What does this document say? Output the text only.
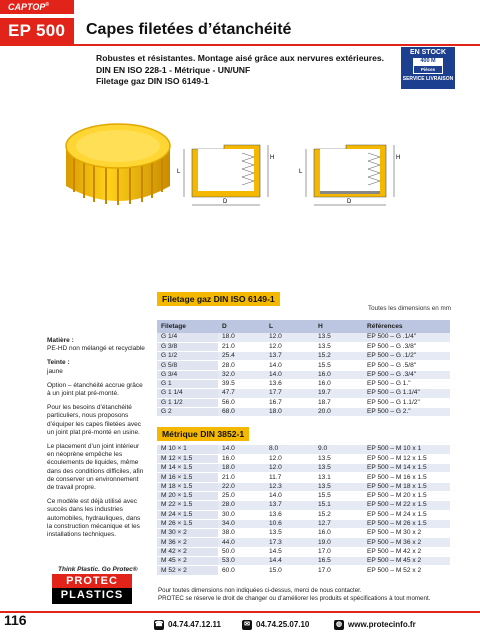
CAPTOP®
EP 500	Capes filetées d’étanchéité
Robustes et résistantes. Montage aisé grâce aux nervures extérieures.
DIN EN ISO 228-1 - Métrique - UN/UNF
Filetage gaz DIN ISO 6149-1
EN STOCK
400 M
Pièces
SERVICE LIVRAISON
L
H
D
L
H
D
Filetage gaz DIN ISO 6149-1
Toutes les dimensions en mm
Filetage	D	L	H	Références
G 1/4	18.0	12.0	13.5	EP 500 – G .1/4"
G 3/8	21.0	12.0	13.5	EP 500 – G .3/8"
G 1/2	25.4	13.7	15.2	EP 500 – G .1/2"
G 5/8	28.0	14.0	15.5	EP 500 – G .5/8"
G 3/4	32.0	14.0	16.0	EP 500 – G .3/4"
G 1	39.5	13.6	16.0	EP 500 – G 1."
G 1 1/4	47.7	17.7	19.7	EP 500 – G 1.1/4"
G 1 1/2	56.0	16.7	18.7	EP 500 – G 1.1/2"
G 2	68.0	18.0	20.0	EP 500 – G 2."
Métrique DIN 3852-1
M 10 × 1	14.0	8.0	9.0	EP 500 – M 10 x 1
M 12 × 1.5	16.0	12.0	13.5	EP 500 – M 12 x 1.5
M 14 × 1.5	18.0	12.0	13.5	EP 500 – M 14 x 1.5
M 16 × 1.5	21.0	11.7	13.1	EP 500 – M 16 x 1.5
M 18 × 1.5	22.0	12.3	13.5	EP 500 – M 18 x 1.5
M 20 × 1.5	25.0	14.0	15.5	EP 500 – M 20 x 1.5
M 22 × 1.5	28.0	13.7	15.1	EP 500 – M 22 x 1.5
M 24 × 1.5	30.0	13.6	15.2	EP 500 – M 24 x 1.5
M 26 × 1.5	34.0	10.6	12.7	EP 500 – M 26 x 1.5
M 30 × 2	38.0	13.5	16.0	EP 500 – M 30 x 2
M 36 × 2	44.0	17.3	19.0	EP 500 – M 36 x 2
M 42 × 2	50.0	14.5	17.0	EP 500 – M 42 x 2
M 45 × 2	53.0	14.4	16.5	EP 500 – M 45 x 2
M 52 × 2	60.0	15.0	17.0	EP 500 – M 52 x 2

Matière :
PE-HD non mélangé et recyclable

Teinte :
jaune

Option – étanchéité accrue grâce à un joint plat pré-monté.

Pour les besoins d’étanchéité particuliers, nous proposons d’équiper les capes filetées avec un joint plat pré-monté en usine.

Le placement d’un joint intérieur en néoprène empêche les écoulements de liquides, même dans des conditions difficiles, afin de conserver un environnement de travail propre.

Ce modèle est déjà utilisé avec succès dans les industries automobiles, hydrauliques, dans la construction mécanique et les installations techniques.

Think Plastic. Go Protec®
PROTEC
PLASTICS	Pour toutes dimensions non indiquées ci-dessus, merci de nous contacter.
PROTEC se réserve le droit de changer ou d’améliorer les produits et spécifications à tout moment.
116	☎ 04.74.47.12.11	✉ 04.74.25.07.10	◍ www.protecinfo.fr
